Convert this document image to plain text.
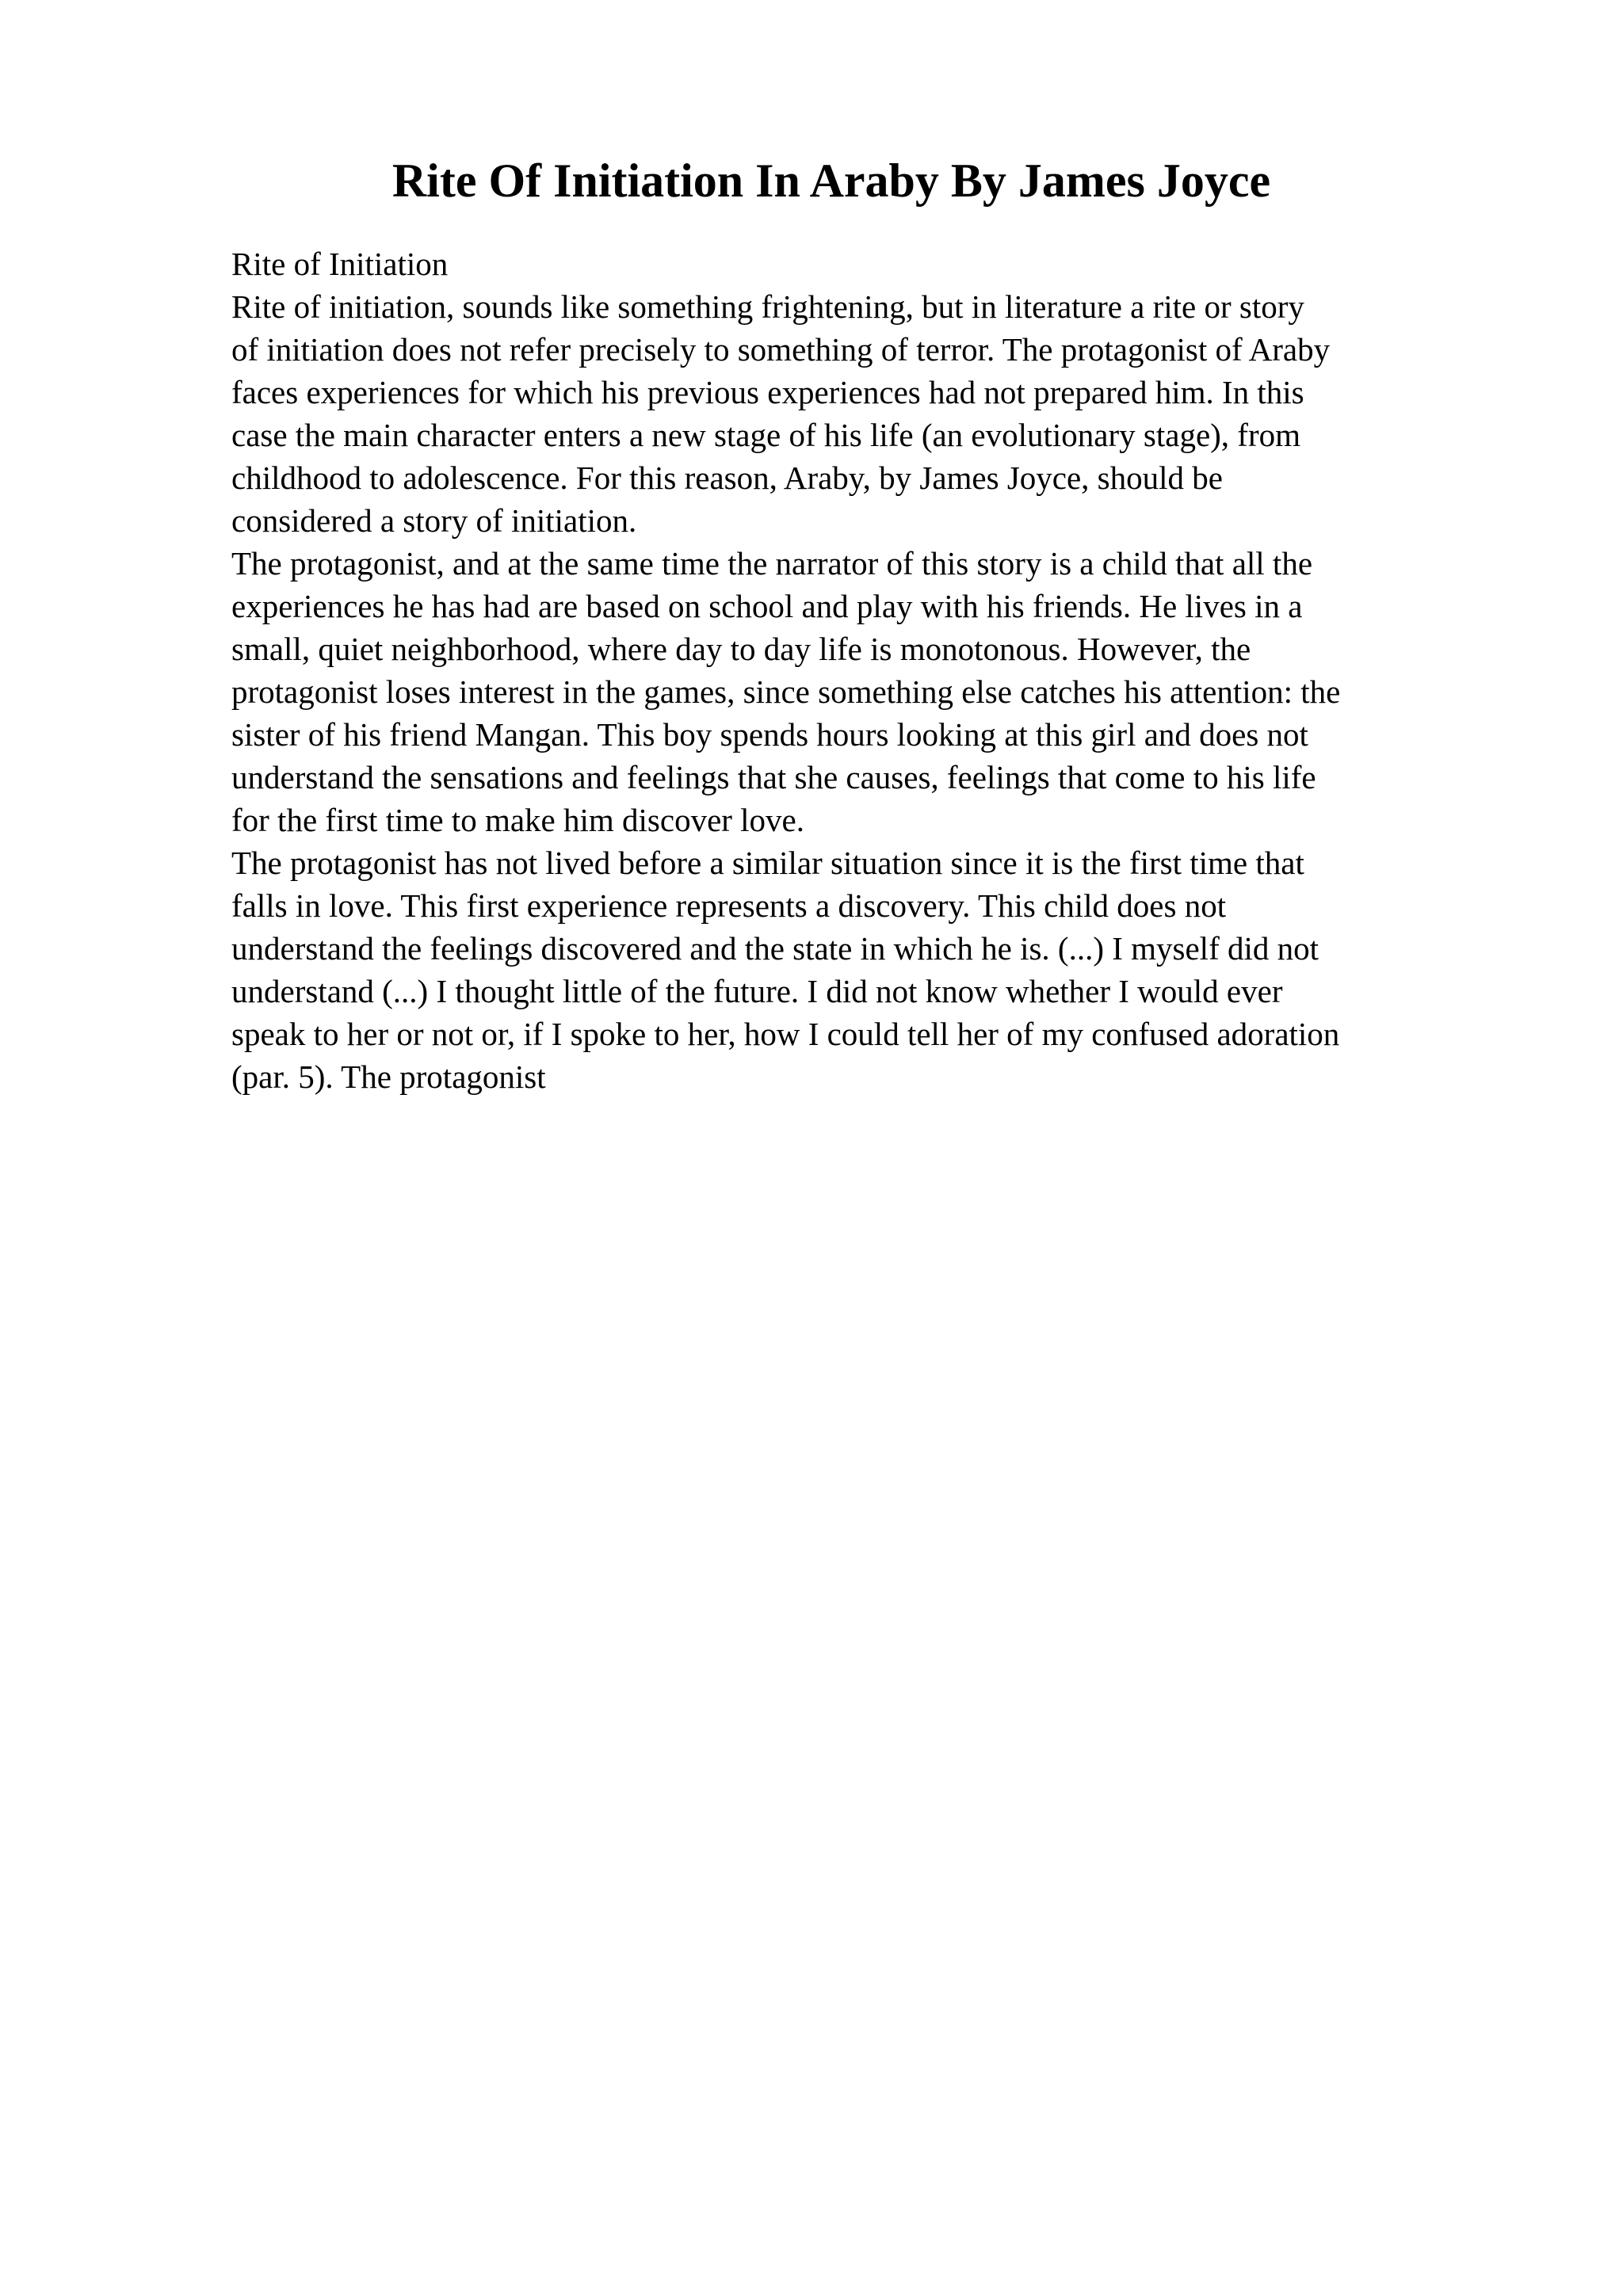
Rite Of Initiation In Araby By James Joyce
Rite of Initiation
Rite of initiation, sounds like something frightening, but in literature a rite or story
of initiation does not refer precisely to something of terror. The protagonist of Araby
faces experiences for which his previous experiences had not prepared him. In this
case the main character enters a new stage of his life (an evolutionary stage), from
childhood to adolescence. For this reason, Araby, by James Joyce, should be
considered a story of initiation.
The protagonist, and at the same time the narrator of this story is a child that all the
experiences he has had are based on school and play with his friends. He lives in a
small, quiet neighborhood, where day to day life is monotonous. However, the
protagonist loses interest in the games, since something else catches his attention: the
sister of his friend Mangan. This boy spends hours looking at this girl and does not
understand the sensations and feelings that she causes, feelings that come to his life
for the first time to make him discover love.
The protagonist has not lived before a similar situation since it is the first time that
falls in love. This first experience represents a discovery. This child does not
understand the feelings discovered and the state in which he is. (...) I myself did not
understand (...) I thought little of the future. I did not know whether I would ever
speak to her or not or, if I spoke to her, how I could tell her of my confused adoration
(par. 5). The protagonist
